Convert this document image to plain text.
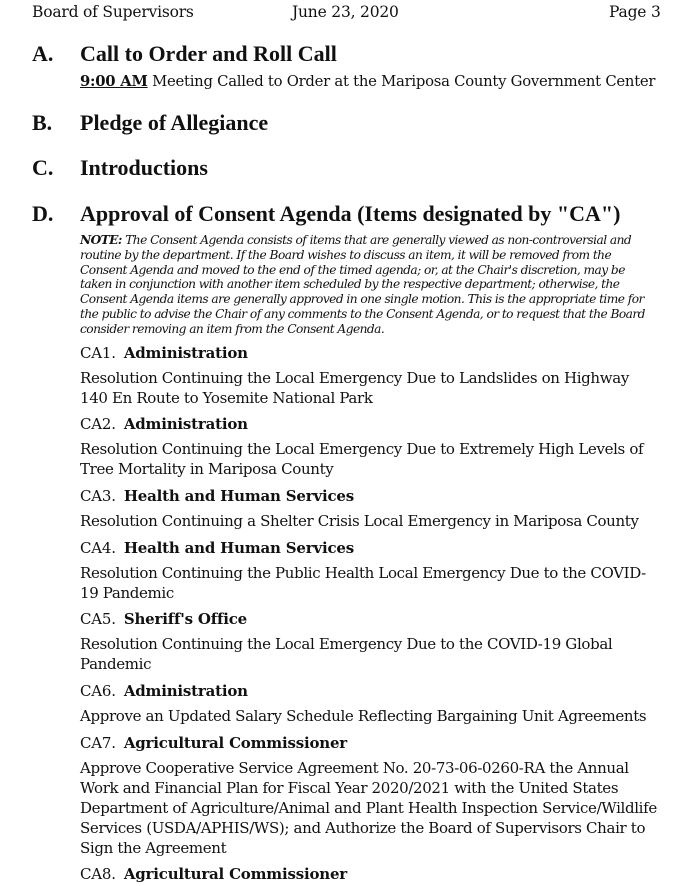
Board of Supervisors	June 23, 2020	Page 3
A. Call to Order and Roll Call
9:00 AM Meeting Called to Order at the Mariposa County Government Center
B. Pledge of Allegiance
C. Introductions
D. Approval of Consent Agenda (Items designated by "CA")
NOTE: The Consent Agenda consists of items that are generally viewed as non-controversial and routine by the department. If the Board wishes to discuss an item, it will be removed from the Consent Agenda and moved to the end of the timed agenda; or, at the Chair's discretion, may be taken in conjunction with another item scheduled by the respective department; otherwise, the Consent Agenda items are generally approved in one single motion. This is the appropriate time for the public to advise the Chair of any comments to the Consent Agenda, or to request that the Board consider removing an item from the Consent Agenda.
CA1. Administration
Resolution Continuing the Local Emergency Due to Landslides on Highway 140 En Route to Yosemite National Park
CA2. Administration
Resolution Continuing the Local Emergency Due to Extremely High Levels of Tree Mortality in Mariposa County
CA3. Health and Human Services
Resolution Continuing a Shelter Crisis Local Emergency in Mariposa County
CA4. Health and Human Services
Resolution Continuing the Public Health Local Emergency Due to the COVID-19 Pandemic
CA5. Sheriff's Office
Resolution Continuing the Local Emergency Due to the COVID-19 Global Pandemic
CA6. Administration
Approve an Updated Salary Schedule Reflecting Bargaining Unit Agreements
CA7. Agricultural Commissioner
Approve Cooperative Service Agreement No. 20-73-06-0260-RA the Annual Work and Financial Plan for Fiscal Year 2020/2021 with the United States Department of Agriculture/Animal and Plant Health Inspection Service/Wildlife Services (USDA/APHIS/WS); and Authorize the Board of Supervisors Chair to Sign the Agreement
CA8. Agricultural Commissioner
